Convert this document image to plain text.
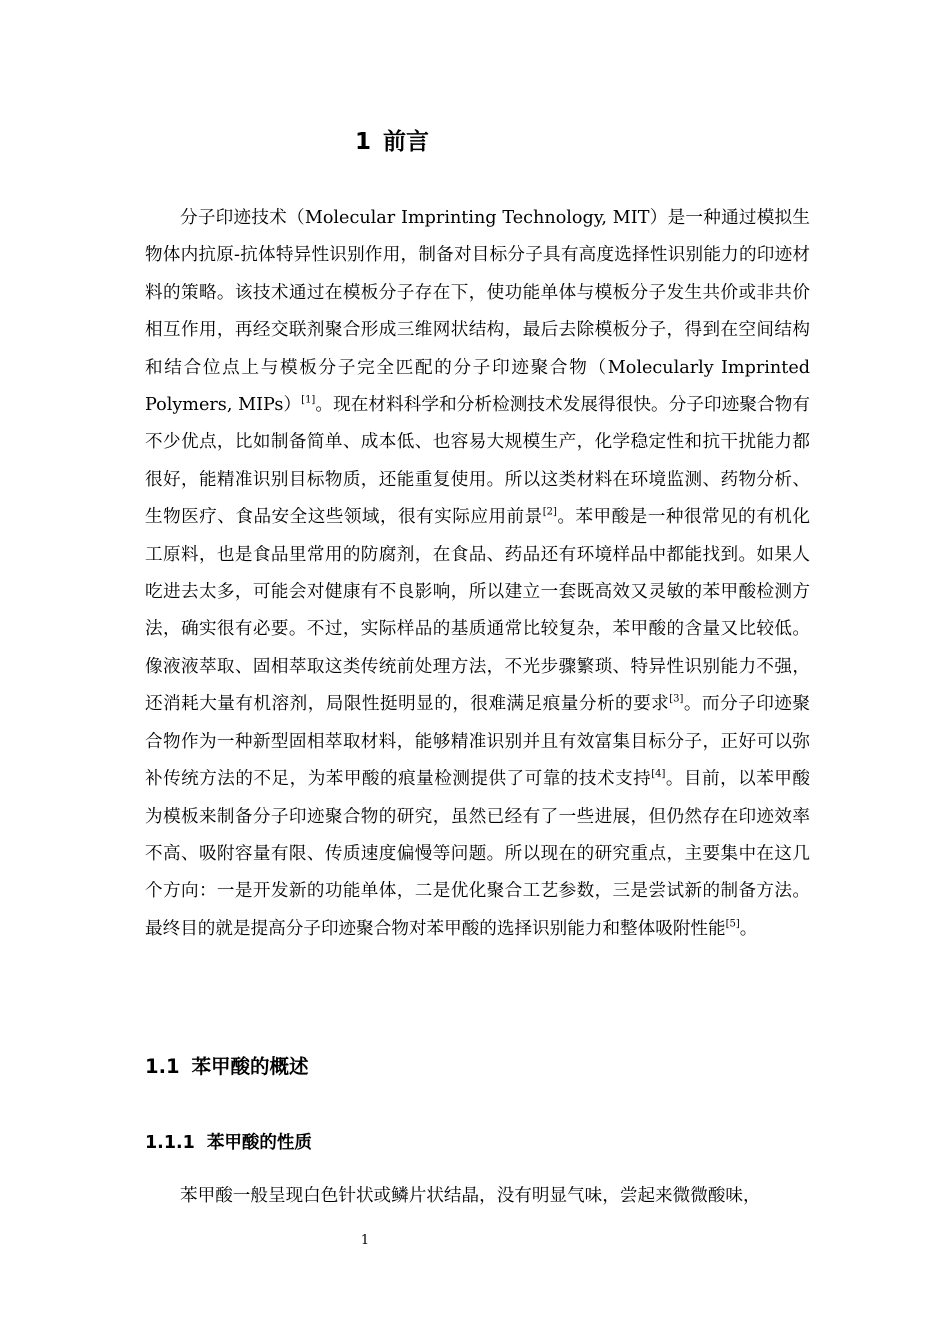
1 前言

分子印迹技术（Molecular Imprinting Technology, MIT）是一种通过模拟生物体内抗原-抗体特异性识别作用，制备对目标分子具有高度选择性识别能力的印迹材料的策略。该技术通过在模板分子存在下，使功能单体与模板分子发生共价或非共价相互作用，再经交联剂聚合形成三维网状结构，最后去除模板分子，得到在空间结构和结合位点上与模板分子完全匹配的分子印迹聚合物（Molecularly Imprinted Polymers, MIPs）[1]。现在材料科学和分析检测技术发展得很快。分子印迹聚合物有不少优点，比如制备简单、成本低、也容易大规模生产，化学稳定性和抗干扰能力都很好，能精准识别目标物质，还能重复使用。所以这类材料在环境监测、药物分析、生物医疗、食品安全这些领域，很有实际应用前景[2]。苯甲酸是一种很常见的有机化工原料，也是食品里常用的防腐剂，在食品、药品还有环境样品中都能找到。如果人吃进去太多，可能会对健康有不良影响，所以建立一套既高效又灵敏的苯甲酸检测方法，确实很有必要。不过，实际样品的基质通常比较复杂，苯甲酸的含量又比较低。像液液萃取、固相萃取这类传统前处理方法，不光步骤繁琐、特异性识别能力不强，还消耗大量有机溶剂，局限性挺明显的，很难满足痕量分析的要求[3]。而分子印迹聚合物作为一种新型固相萃取材料，能够精准识别并且有效富集目标分子，正好可以弥补传统方法的不足，为苯甲酸的痕量检测提供了可靠的技术支持[4]。目前，以苯甲酸为模板来制备分子印迹聚合物的研究，虽然已经有了一些进展，但仍然存在印迹效率不高、吸附容量有限、传质速度偏慢等问题。所以现在的研究重点，主要集中在这几个方向：一是开发新的功能单体，二是优化聚合工艺参数，三是尝试新的制备方法。最终目的就是提高分子印迹聚合物对苯甲酸的选择识别能力和整体吸附性能[5]。

1.1 苯甲酸的概述
1.1.1 苯甲酸的性质

苯甲酸一般呈现白色针状或鳞片状结晶，没有明显气味，尝起来微微酸味，

1
